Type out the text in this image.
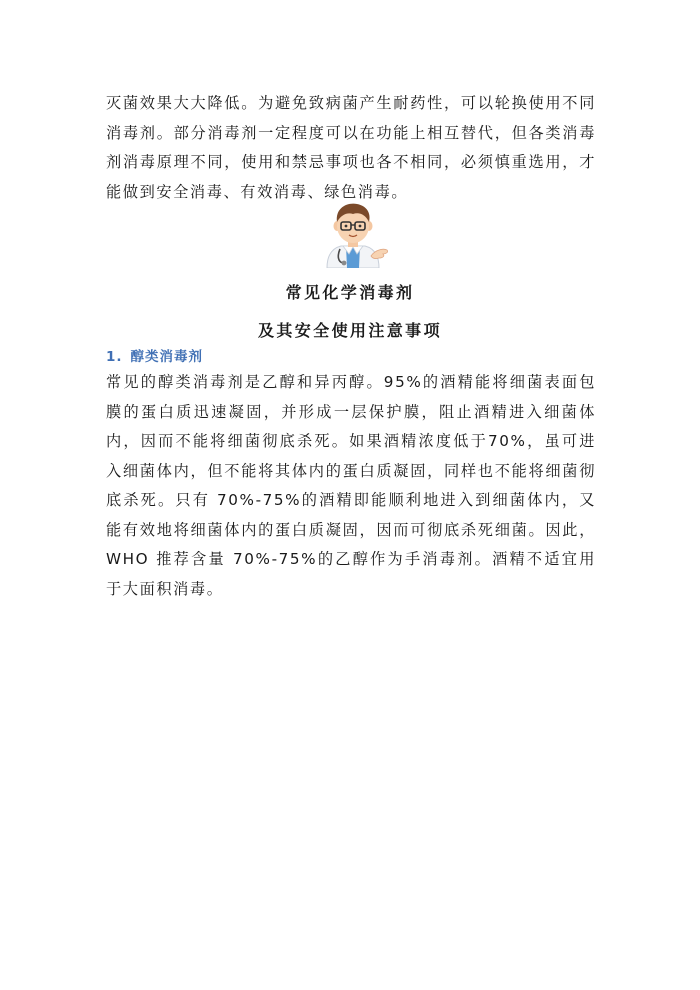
灭菌效果大大降低。为避免致病菌产生耐药性，可以轮换使用不同消毒剂。部分消毒剂一定程度可以在功能上相互替代，但各类消毒剂消毒原理不同，使用和禁忌事项也各不相同，必须慎重选用，才能做到安全消毒、有效消毒、绿色消毒。

常见化学消毒剂
及其安全使用注意事项
1. 醇类消毒剂

常见的醇类消毒剂是乙醇和异丙醇。95%的酒精能将细菌表面包膜的蛋白质迅速凝固，并形成一层保护膜，阻止酒精进入细菌体内，因而不能将细菌彻底杀死。如果酒精浓度低于70%，虽可进入细菌体内，但不能将其体内的蛋白质凝固，同样也不能将细菌彻底杀死。只有 70%-75%的酒精即能顺利地进入到细菌体内，又能有效地将细菌体内的蛋白质凝固，因而可彻底杀死细菌。因此，WHO 推荐含量 70%-75%的乙醇作为手消毒剂。酒精不适宜用于大面积消毒。
